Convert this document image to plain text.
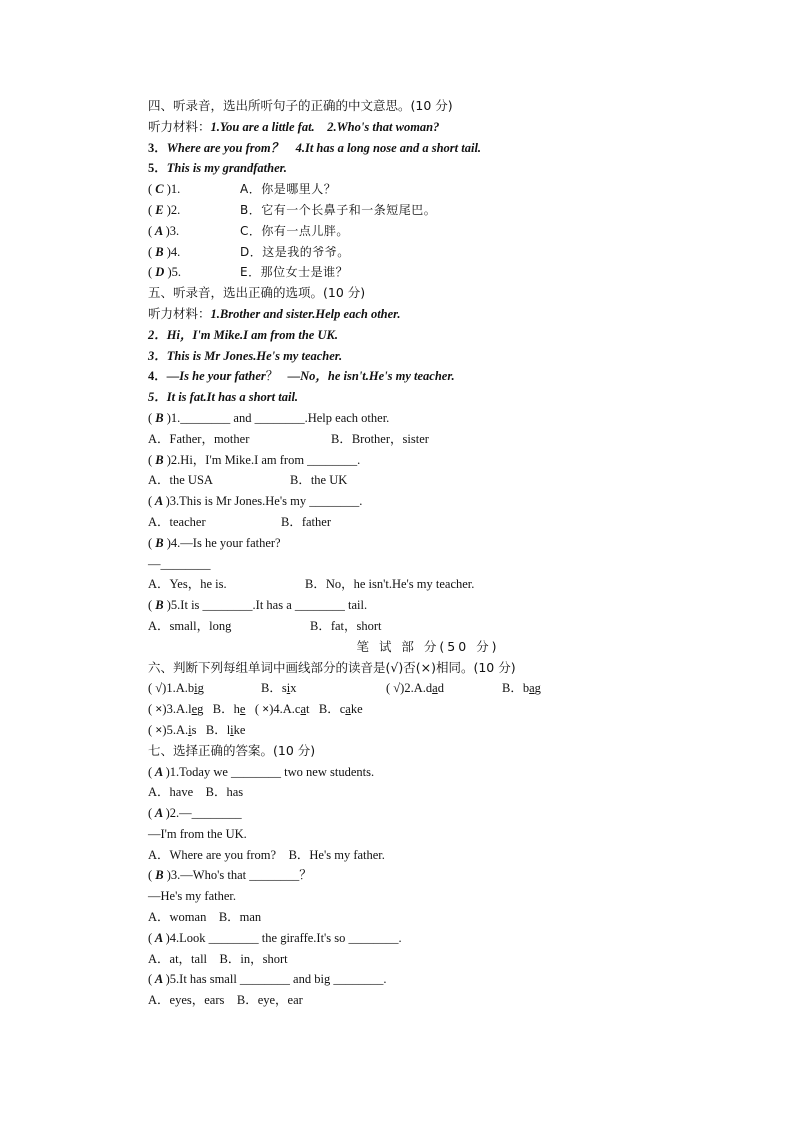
四、听录音，选出所听句子的正确的中文意思。(10 分)
听力材料：1.You are a little fat. 2.Who's that woman?
3．Where are you from？ 4.It has a long nose and a short tail.
5．This is my grandfather.
( C )1.	A．你是哪里人？
( E )2.	B．它有一个长鼻子和一条短尾巴。
( A )3.	C．你有一点儿胖。
( B )4.	D．这是我的爷爷。
( D )5.	E．那位女士是谁？
五、听录音，选出正确的选项。(10 分)
听力材料：1.Brother and sister.Help each other.
2．Hi，I'm Mike.I am from the UK.
3．This is Mr Jones.He's my teacher.
4．—Is he your father？ —No，he isn't.He's my teacher.
5．It is fat.It has a short tail.
( B )1.________ and ________.Help each other.
A．Father，mother	B．Brother，sister
( B )2.Hi，I'm Mike.I am from ________.
A．the USA	B．the UK
( A )3.This is Mr Jones.He's my ________.
A．teacher	B．father
( B )4.—Is he your father?
—________
A．Yes，he is.	B．No，he isn't.He's my teacher.
( B )5.It is ________.It has a ________ tail.
A．small，long	B．fat，short
笔 试 部 分(50 分)
六、判断下列每组单词中画线部分的读音是(√)否(×)相同。(10 分)
( √)1.A.big	B．six	( √)2.A.dad	B．bag
( ×)3.A.leg B．he   ( ×)4.A.cat B．cake
( ×)5.A.is B．like
七、选择正确的答案。(10 分)
( A )1.Today we ________ two new students.
A．have　B．has
( A )2.—________
—I'm from the UK.
A．Where are you from?　B．He's my father.
( B )3.—Who's that ________？
—He's my father.
A．woman　B．man
( A )4.Look ________ the giraffe.It's so ________.
A．at，tall　B．in，short
( A )5.It has small ________ and big ________.
A．eyes，ears　B．eye，ear
